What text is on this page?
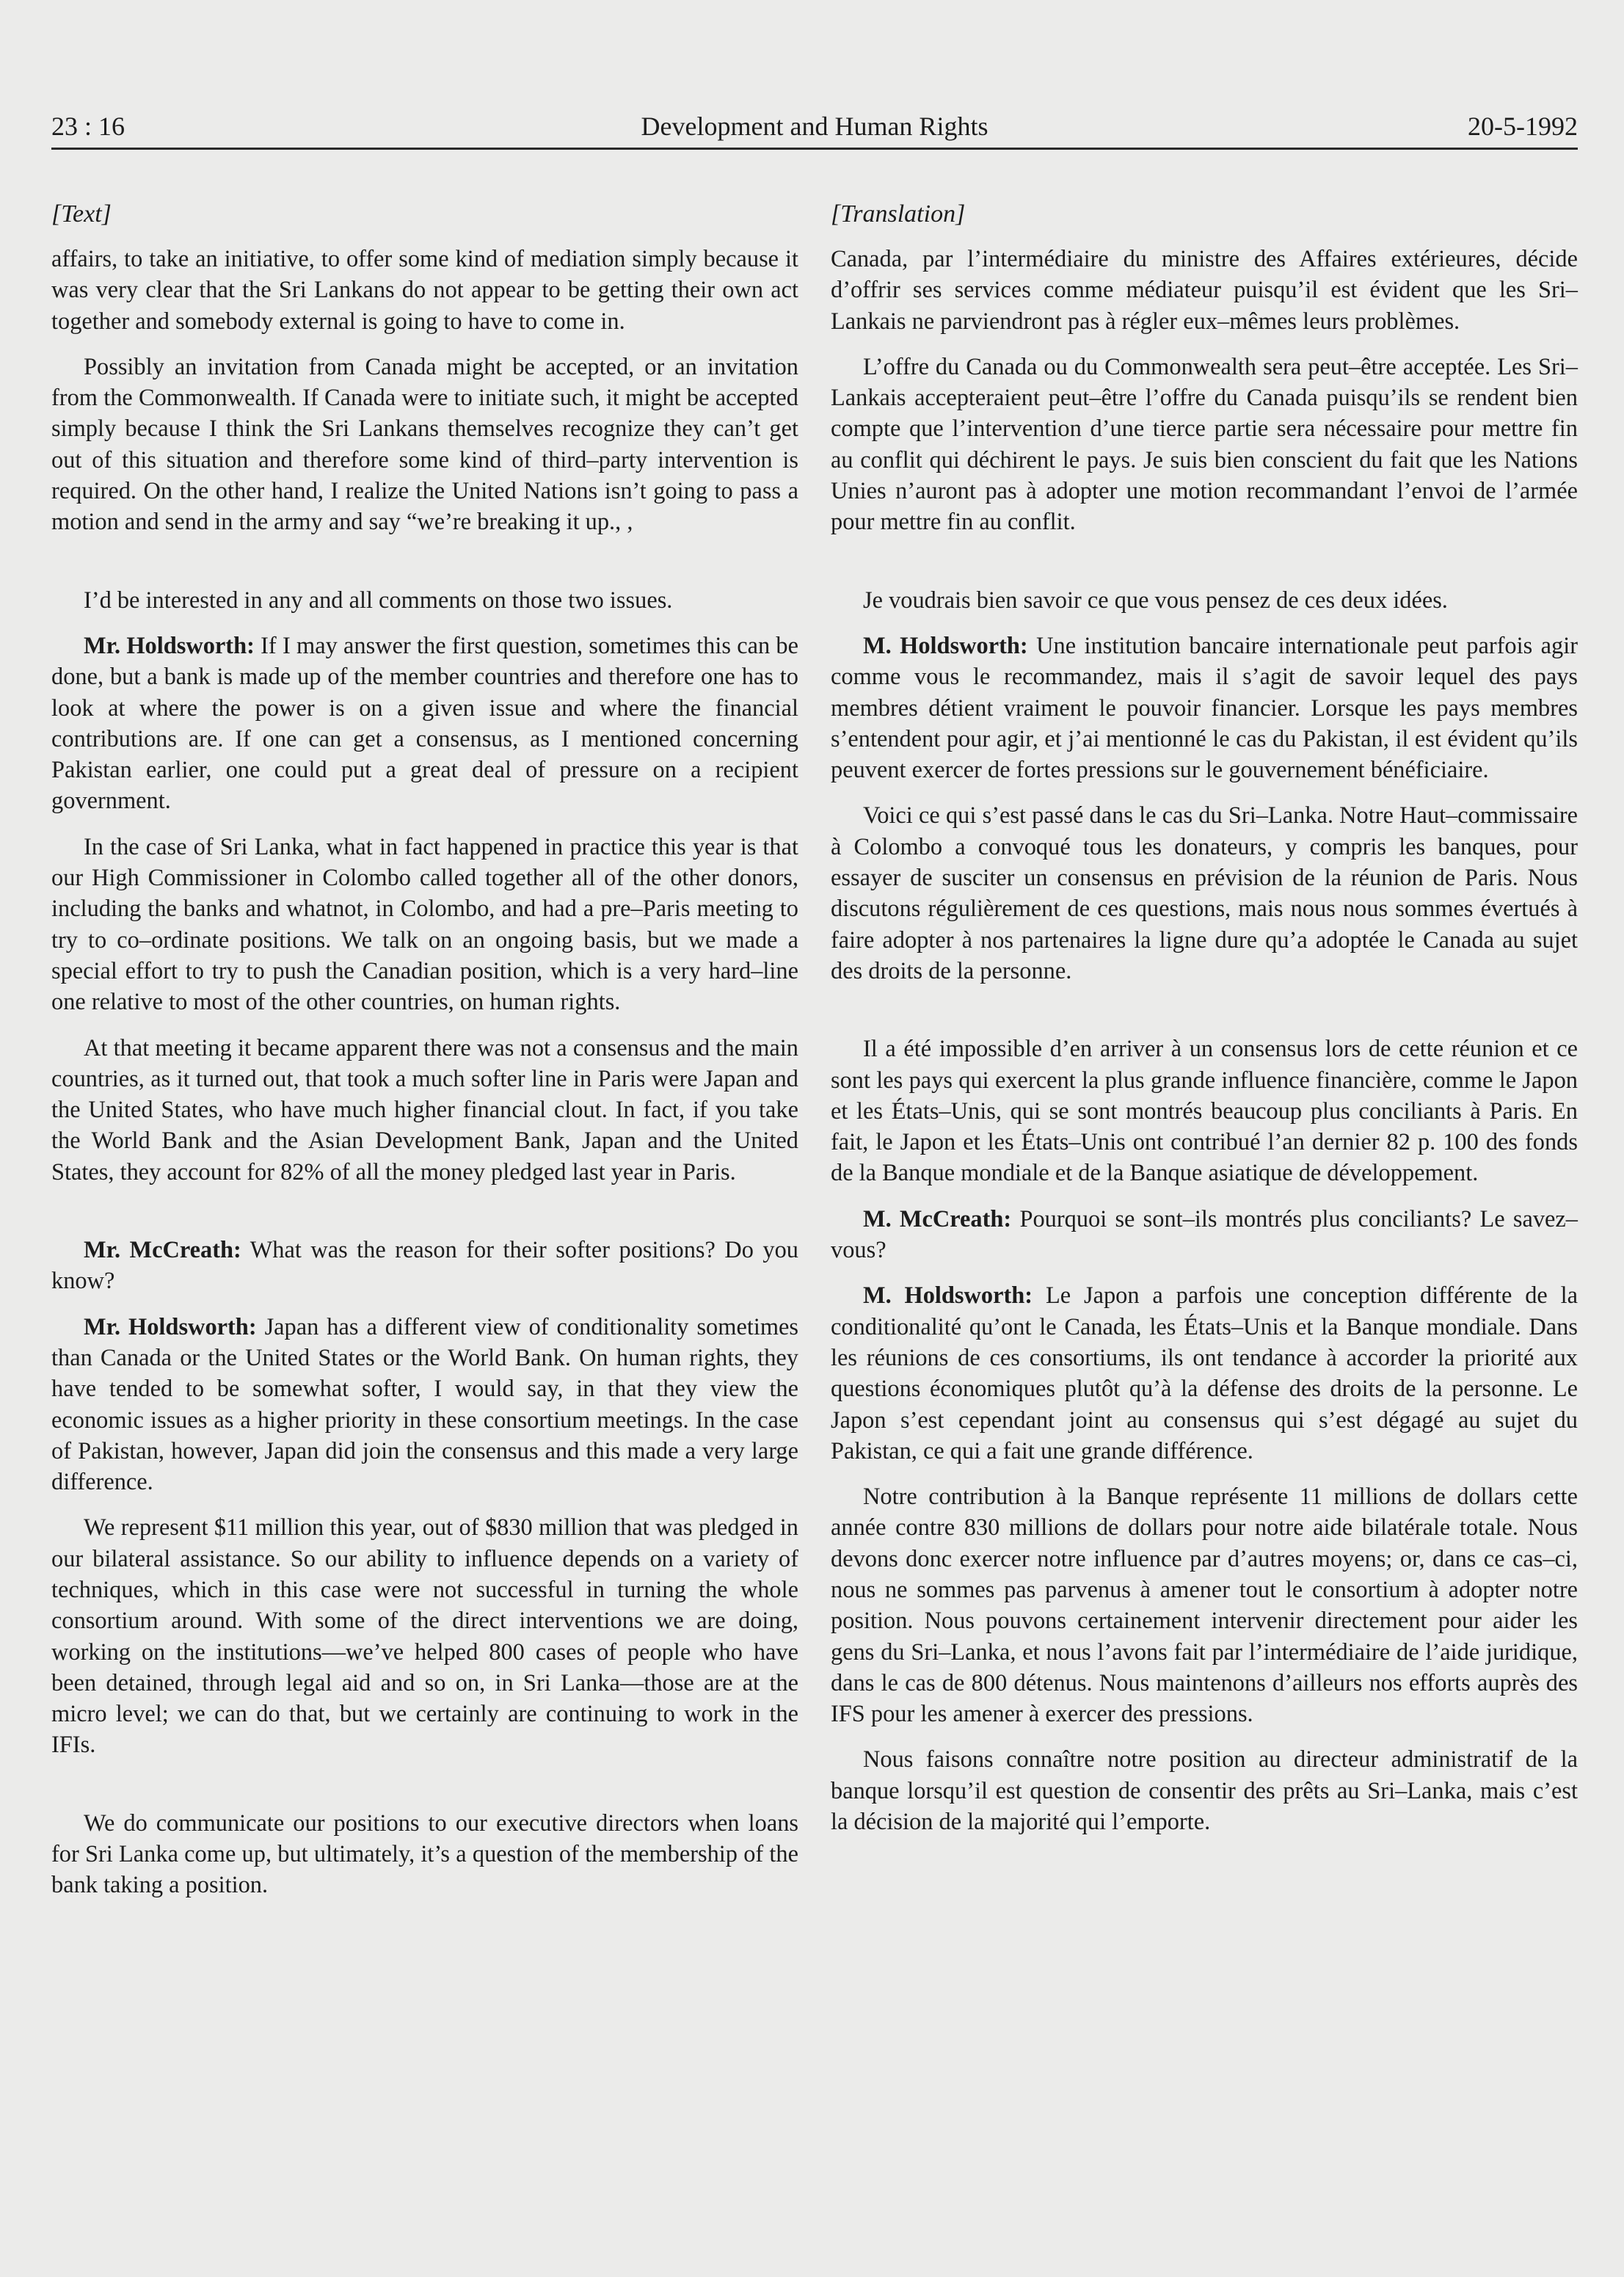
23 : 16	Development and Human Rights	20-5-1992
[Text]

affairs, to take an initiative, to offer some kind of mediation simply because it was very clear that the Sri Lankans do not appear to be getting their own act together and somebody external is going to have to come in.

Possibly an invitation from Canada might be accepted, or an invitation from the Commonwealth. If Canada were to initiate such, it might be accepted simply because I think the Sri Lankans themselves recognize they can’t get out of this situation and therefore some kind of third–party intervention is required. On the other hand, I realize the United Nations isn’t going to pass a motion and send in the army and say “we’re breaking it up., ,

I’d be interested in any and all comments on those two issues.

Mr. Holdsworth: If I may answer the first question, sometimes this can be done, but a bank is made up of the member countries and therefore one has to look at where the power is on a given issue and where the financial contributions are. If one can get a consensus, as I mentioned concerning Pakistan earlier, one could put a great deal of pressure on a recipient government.

In the case of Sri Lanka, what in fact happened in practice this year is that our High Commissioner in Colombo called together all of the other donors, including the banks and whatnot, in Colombo, and had a pre–Paris meeting to try to co–ordinate positions. We talk on an ongoing basis, but we made a special effort to try to push the Canadian position, which is a very hard–line one relative to most of the other countries, on human rights.

At that meeting it became apparent there was not a consensus and the main countries, as it turned out, that took a much softer line in Paris were Japan and the United States, who have much higher financial clout. In fact, if you take the World Bank and the Asian Development Bank, Japan and the United States, they account for 82% of all the money pledged last year in Paris.

Mr. McCreath: What was the reason for their softer positions? Do you know?

Mr. Holdsworth: Japan has a different view of conditionality sometimes than Canada or the United States or the World Bank. On human rights, they have tended to be somewhat softer, I would say, in that they view the economic issues as a higher priority in these consortium meetings. In the case of Pakistan, however, Japan did join the consensus and this made a very large difference.

We represent $11 million this year, out of $830 million that was pledged in our bilateral assistance. So our ability to influence depends on a variety of techniques, which in this case were not successful in turning the whole consortium around. With some of the direct interventions we are doing, working on the institutions—we’ve helped 800 cases of people who have been detained, through legal aid and so on, in Sri Lanka—those are at the micro level; we can do that, but we certainly are continuing to work in the IFIs.

We do communicate our positions to our executive directors when loans for Sri Lanka come up, but ultimately, it’s a question of the membership of the bank taking a position.

[Translation]

Canada, par l’intermédiaire du ministre des Affaires extérieures, décide d’offrir ses services comme médiateur puisqu’il est évident que les Sri–Lankais ne parviendront pas à régler eux–mêmes leurs problèmes.

L’offre du Canada ou du Commonwealth sera peut–être acceptée. Les Sri–Lankais accepteraient peut–être l’offre du Canada puisqu’ils se rendent bien compte que l’intervention d’une tierce partie sera nécessaire pour mettre fin au conflit qui déchirent le pays. Je suis bien conscient du fait que les Nations Unies n’auront pas à adopter une motion recommandant l’envoi de l’armée pour mettre fin au conflit.

Je voudrais bien savoir ce que vous pensez de ces deux idées.

M. Holdsworth: Une institution bancaire internationale peut parfois agir comme vous le recommandez, mais il s’agit de savoir lequel des pays membres détient vraiment le pouvoir financier. Lorsque les pays membres s’entendent pour agir, et j’ai mentionné le cas du Pakistan, il est évident qu’ils peuvent exercer de fortes pressions sur le gouvernement bénéficiaire.

Voici ce qui s’est passé dans le cas du Sri–Lanka. Notre Haut–commissaire à Colombo a convoqué tous les donateurs, y compris les banques, pour essayer de susciter un consensus en prévision de la réunion de Paris. Nous discutons régulièrement de ces questions, mais nous nous sommes évertués à faire adopter à nos partenaires la ligne dure qu’a adoptée le Canada au sujet des droits de la personne.

Il a été impossible d’en arriver à un consensus lors de cette réunion et ce sont les pays qui exercent la plus grande influence financière, comme le Japon et les États–Unis, qui se sont montrés beaucoup plus conciliants à Paris. En fait, le Japon et les États–Unis ont contribué l’an dernier 82 p. 100 des fonds de la Banque mondiale et de la Banque asiatique de développement.

M. McCreath: Pourquoi se sont–ils montrés plus conciliants? Le savez–vous?

M. Holdsworth: Le Japon a parfois une conception différente de la conditionalité qu’ont le Canada, les États–Unis et la Banque mondiale. Dans les réunions de ces consortiums, ils ont tendance à accorder la priorité aux questions économiques plutôt qu’à la défense des droits de la personne. Le Japon s’est cependant joint au consensus qui s’est dégagé au sujet du Pakistan, ce qui a fait une grande différence.

Notre contribution à la Banque représente 11 millions de dollars cette année contre 830 millions de dollars pour notre aide bilatérale totale. Nous devons donc exercer notre influence par d’autres moyens; or, dans ce cas–ci, nous ne sommes pas parvenus à amener tout le consortium à adopter notre position. Nous pouvons certainement intervenir directement pour aider les gens du Sri–Lanka, et nous l’avons fait par l’intermédiaire de l’aide juridique, dans le cas de 800 détenus. Nous maintenons d’ailleurs nos efforts auprès des IFS pour les amener à exercer des pressions.

Nous faisons connaître notre position au directeur administratif de la banque lorsqu’il est question de consentir des prêts au Sri–Lanka, mais c’est la décision de la majorité qui l’emporte.
